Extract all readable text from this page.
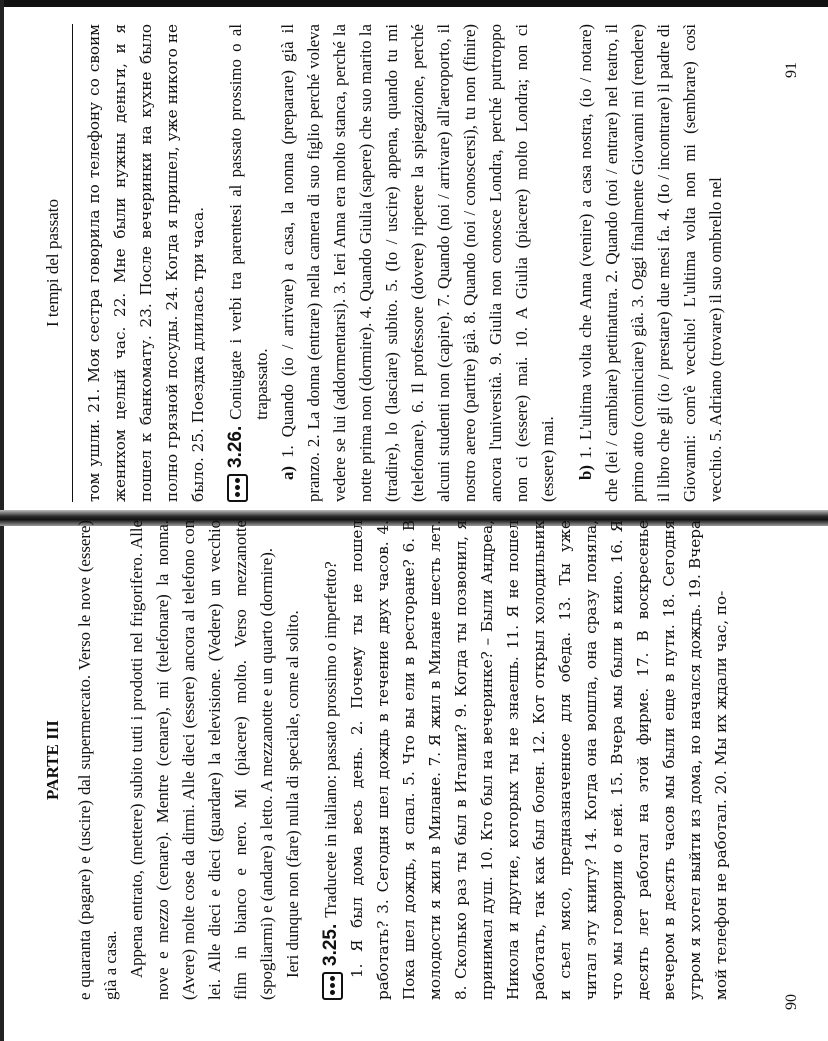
I tempi del passato том ушли. 21. Моя сестра говорила по телефону со своим женихом целый час. 22. Мне были нужны деньги, и я пошел к банкомату. 23. После вечеринки на кухне было полно грязной посуды. 24. Когда я пришел, уже никого не было. 25. Поездка длилась три часа. 3.26.
Coniugate i verbi tra parentesi al passato prossimo o al trapassato.

a) 1. Quando (io / arrivare) a casa, la nonna (preparare) già il pranzo. 2. La donna (entrare) nella camera di suo figlio perché voleva vedere se lui (addormentarsi). 3. Ieri Anna era molto stanca, perché la notte prima non (dormire). 4. Quando Giulia (sapere) che suo marito la (tradire), lo (lasciare) subito. 5. (Io / uscire) appena, quando tu mi (telefonare). 6. Il professore (dovere) ripetere la spiegazione, perché alcuni studenti non (capire). 7. Quando (noi / arrivare) all'aeroporto, il nostro aereo (partire) già. 8. Quando (noi / conoscersi), tu non (finire) ancora l'università. 9. Giulia non conosce Londra, perché purtroppo non ci (essere) mai. 10. A Giulia (piacere) molto Londra; non ci (essere) mai. b) 1. L'ultima volta che Anna (venire) a casa nostra, (io / notare) che (lei / cambiare) pettinatura. 2. Quando (noi / entrare) nel teatro, il primo atto (cominciare) già. 3. Oggi finalmente Giovanni mi (rendere) il libro che gli (io / prestare) due mesi fa. 4. (Io / incontrare) il padre di Giovanni: com'è vecchio! L'ultima volta non mi (sembrare) così vecchio. 5. Adriano (trovare) il suo ombrello nel

PARTE III e quaranta (pagare) e (uscire) dal supermercato. Verso le nove (essere) già a casa. Appena entrato, (mettere) subito tutti i prodotti nel frigorifero. Alle nove e mezzo (cenare). Mentre (cenare), mi (telefonare) la nonna. (Avere) molte cose da dirmi. Alle dieci (essere) ancora al telefono con lei. Alle dieci e dieci (guardare) la televisione. (Vedere) un vecchio film in bianco e nero. Mi (piacere) molto. Verso mezzanotte (spogliarmi) e (andare) a letto. A mezzanotte e un quarto (dormire). Ieri dunque non (fare) nulla di speciale, come al solito. 3.25.
Traducete in italiano: passato prossimo o imperfetto? 1. Я был дома весь день. 2. Почему ты не пошел работать? 3. Сегодня шел дождь в течение двух часов. 4. Пока шел дождь, я спал. 5. Что вы ели в ресторане? 6. В молодости я жил в Милане. 7. Я жил в Милане шесть лет. 8. Сколько раз ты был в Италии? 9. Когда ты позвонил, я принимал душ. 10. Кто был на вечеринке? – Были Андреа, Никола и другие, которых ты не знаешь. 11. Я не пошел работать, так как был болен. 12. Кот открыл холодильник и съел мясо, предназначенное для обеда. 13. Ты уже читал эту книгу? 14. Когда она вошла, она сразу поняла, что мы говорили о ней. 15. Вчера мы были в кино. 16. Я десять лет работал на этой фирме. 17. В воскресенье вечером в десять часов мы были еще в пути. 18. Сегодня утром я хотел выйти из дома, но начался дождь. 19. Вчера мой телефон не работал. 20. Мы их ждали час, по-

90
91
